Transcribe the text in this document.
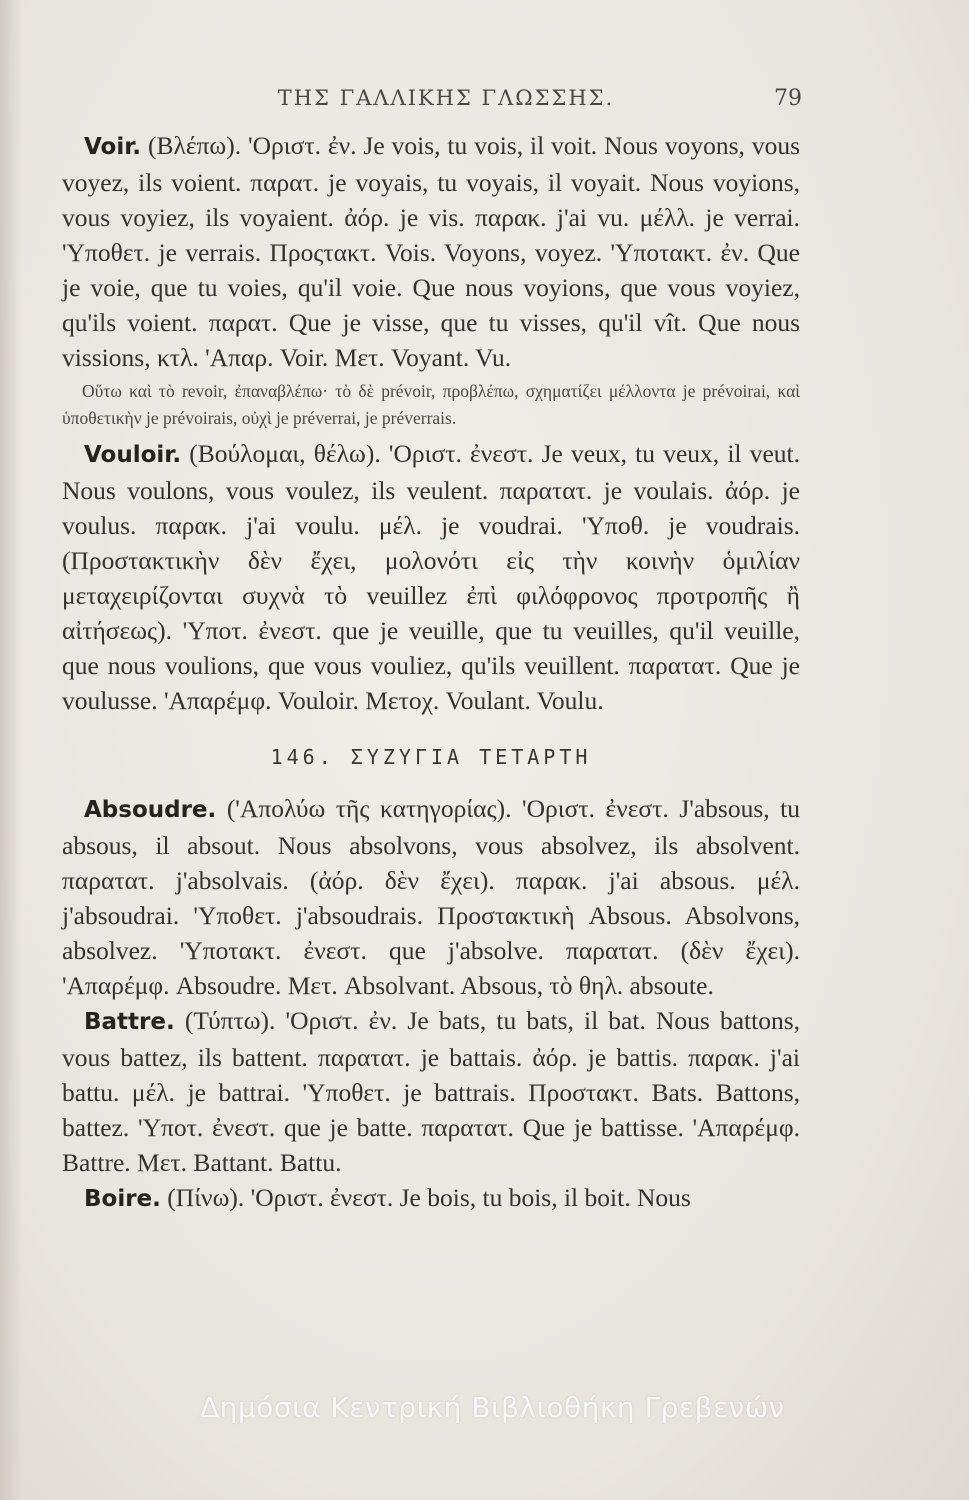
ΤΗΣ ΓΑΛΛΙΚΗΣ ΓΛΩΣΣΗΣ.	79

Voir. (Βλέπω). 'Οριστ. ἐν. Je vois, tu vois, il voit. Nous voyons, vous voyez, ils voient. παρατ. je voyais, tu voyais, il voyait. Nous voyions, vous voyiez, ils voyaient. ἀόρ. je vis. παρακ. j'ai vu. μέλλ. je verrai. 'Υποθετ. je verrais. Προςτακτ. Vois. Voyons, voyez. 'Υποτακτ. ἐν. Que je voie, que tu voies, qu'il voie. Que nous voyions, que vous voyiez, qu'ils voient. παρατ. Que je visse, que tu visses, qu'il vît. Que nous vissions, κτλ. 'Απαρ. Voir. Μετ. Voyant. Vu.

Οὕτω καὶ τὸ revoir, ἐπαναβλέπω· τὸ δὲ prévoir, προβλέπω, σχηματίζει μέλλοντα je prévoirai, καὶ ὑποθετικὴν je prévoirais, οὐχὶ je préverrai, je préverrais.

Vouloir. (Βούλομαι, θέλω). 'Οριστ. ἐνεστ. Je veux, tu veux, il veut. Nous voulons, vous voulez, ils veulent. παρατατ. je voulais. ἀόρ. je voulus. παρακ. j'ai voulu. μέλ. je voudrai. 'Υποθ. je voudrais. (Προστακτικὴν δὲν ἔχει, μολονότι εἰς τὴν κοινὴν ὁμιλίαν μεταχειρίζονται συχνὰ τὸ veuillez ἐπὶ φιλόφρονος προτροπῆς ἢ αἰτήσεως). 'Υποτ. ἐνεστ. que je veuille, que tu veuilles, qu'il veuille, que nous voulions, que vous vouliez, qu'ils veuillent. παρατατ. Que je voulusse. 'Απαρέμφ. Vouloir. Μετοχ. Voulant. Voulu.

146. ΣΥΖΥΓΙΑ ΤΕΤΑΡΤΗ

Absoudre. ('Απολύω τῆς κατηγορίας). 'Οριστ. ἐνεστ. J'absous, tu absous, il absout. Nous absolvons, vous absolvez, ils absolvent. παρατατ. j'absolvais. (ἀόρ. δὲν ἔχει). παρακ. j'ai absous. μέλ. j'absoudrai. 'Υποθετ. j'absoudrais. Προστακτικὴ Absous. Absolvons, absolvez. 'Υποτακτ. ἐνεστ. que j'absolve. παρατατ. (δὲν ἔχει). 'Απαρέμφ. Absoudre. Μετ. Absolvant. Absous, τὸ θηλ. absoute.

Battre. (Τύπτω). 'Οριστ. ἐν. Je bats, tu bats, il bat. Nous battons, vous battez, ils battent. παρατατ. je battais. ἀόρ. je battis. παρακ. j'ai battu. μέλ. je battrai. 'Υποθετ. je battrais. Προστακτ. Bats. Battons, battez. 'Υποτ. ἐνεστ. que je batte. παρατατ. Que je battisse. 'Απαρέμφ. Battre. Μετ. Battant. Battu.

Boire. (Πίνω). 'Οριστ. ἐνεστ. Je bois, tu bois, il boit. Nous

Δημόσια Κεντρική Βιβλιοθήκη Γρεβενών
